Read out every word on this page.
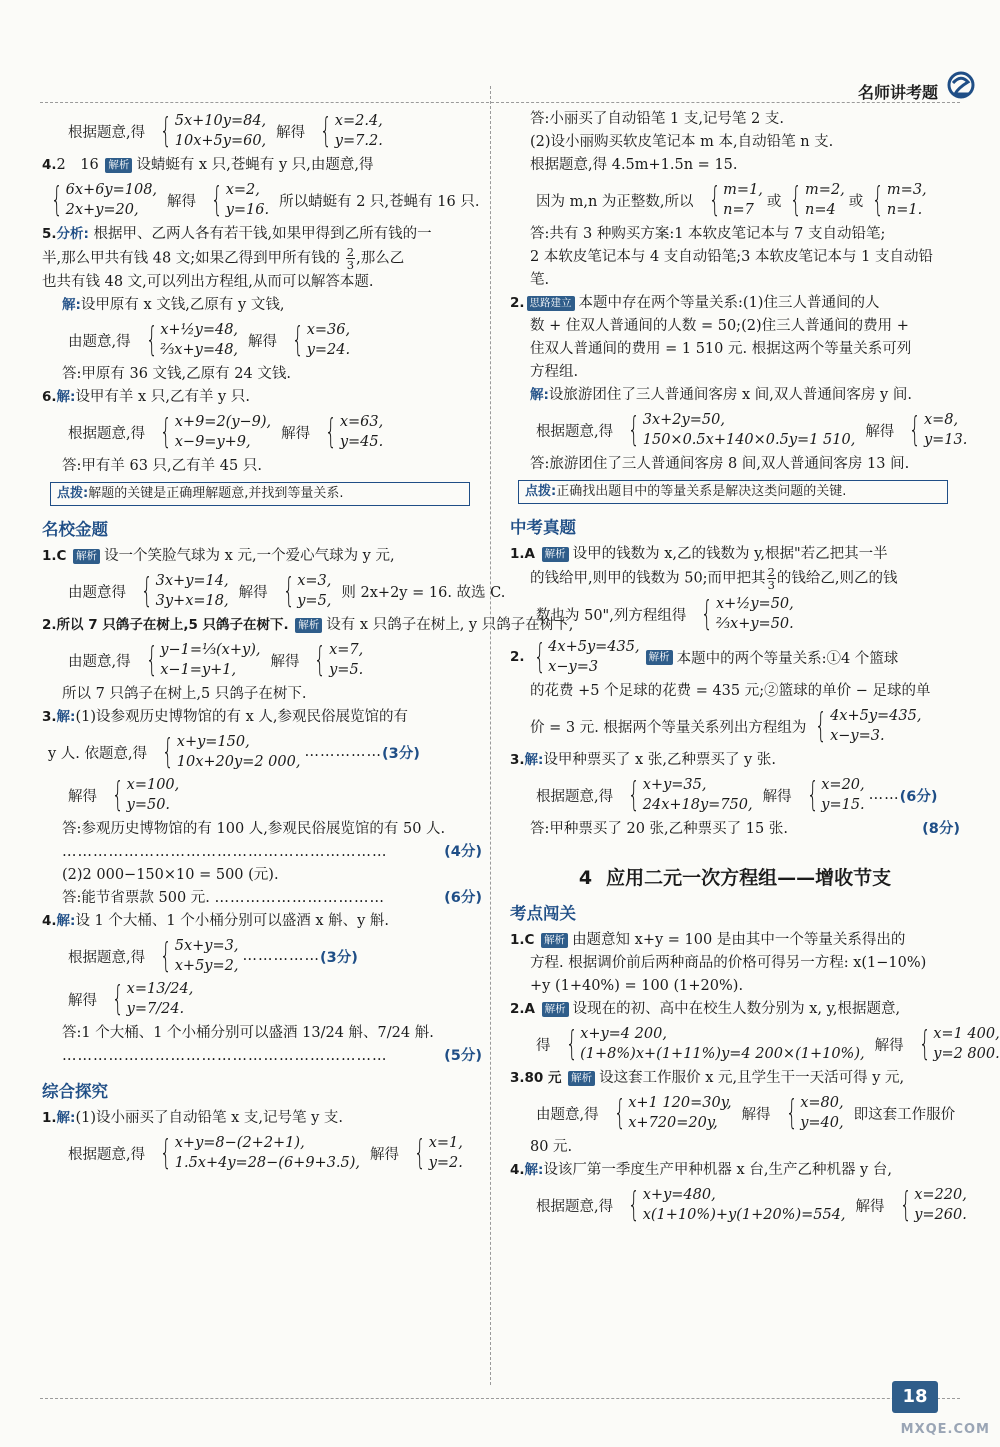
名师讲考题
根据题意,得 { 5x+10y=84,
10x+5y=60,
解得 { x=2.4,
y=7.2.

4.2　16 解析 设蜻蜓有 x 只,苍蝇有 y 只,由题意,得

{ 6x+6y=108,
2x+y=20,
解得 { x=2,
y=16.
所以蜻蜓有 2 只,苍蝇有 16 只.

5.分析: 根据甲、乙两人各有若干钱,如果甲得到乙所有钱的一

半,那么甲共有钱 48 文;如果乙得到甲所有钱的 $\frac{2}{3}$ ,那么乙

也共有钱 48 文,可以列出方程组,从而可以解答本题.

解:设甲原有 x 文钱,乙原有 y 文钱,

由题意,得 { x+½y=48,
⅔x+y=48,
解得 { x=36,
y=24.

答:甲原有 36 文钱,乙原有 24 文钱.

6.解:设甲有羊 x 只,乙有羊 y 只.

根据题意,得 { x+9=2(y−9),
x−9=y+9,
解得 { x=63,
y=45.

答:甲有羊 63 只,乙有羊 45 只.

点拨:解题的关键是正确理解题意,并找到等量关系.
名校金题

1.C 解析 设一个笑脸气球为 x 元,一个爱心气球为 y 元,

由题意得 { 3x+y=14,
3y+x=18,
解得 { x=3,
y=5,
则 2x+2y = 16. 故选 C.

2.所以 7 只鸽子在树上,5 只鸽子在树下. 解析 设有 x 只鸽子在树上, y 只鸽子在树下,

由题意,得 { y−1=⅓(x+y),
x−1=y+1,
解得 { x=7,
y=5.

所以 7 只鸽子在树上,5 只鸽子在树下.

3.解:(1)设参观历史博物馆的有 x 人,参观民俗展览馆的有

y 人. 依题意,得 { x+y=150,
10x+20y=2 000,
…………… (3分)
解得 { x=100,
y=50.

答:参观历史博物馆的有 100 人,参观民俗展览馆的有 50 人.

………………………………………………………	(4分)

(2)2 000−150×10 = 500 (元).

答:能节省票款 500 元. ……………………………	(6分)

4.解:设 1 个大桶、1 个小桶分别可以盛酒 x 斛、y 斛.

根据题意,得 { 5x+y=3,
x+5y=2,
…………… (3分)
解得 { x=13/24,
y=7/24.

答:1 个大桶、1 个小桶分别可以盛酒 13/24 斛、7/24 斛.

………………………………………………………	(5分)

综合探究

1.解:(1)设小丽买了自动铅笔 x 支,记号笔 y 支.

根据题意,得 { x+y=8−(2+2+1),
1.5x+4y=28−(6+9+3.5),
解得 { x=1,
y=2.

答:小丽买了自动铅笔 1 支,记号笔 2 支.

(2)设小丽购买软皮笔记本 m 本,自动铅笔 n 支.

根据题意,得 4.5m+1.5n = 15.

因为 m,n 为正整数,所以 { m=1,
n=7
或 { m=2,
n=4
或 { m=3,
n=1.

答:共有 3 种购买方案:1 本软皮笔记本与 7 支自动铅笔;

2 本软皮笔记本与 4 支自动铅笔;3 本软皮笔记本与 1 支自动铅

笔.

2. 思路建立 本题中存在两个等量关系:(1)住三人普通间的人

数 + 住双人普通间的人数 = 50;(2)住三人普通间的费用 +

住双人普通间的费用 = 1 510 元. 根据这两个等量关系可列

方程组.

解:设旅游团住了三人普通间客房 x 间,双人普通间客房 y 间.

根据题意,得 { 3x+2y=50,
150×0.5x+140×0.5y=1 510,
解得 { x=8,
y=13.

答:旅游团住了三人普通间客房 8 间,双人普通间客房 13 间.

点拨:正确找出题目中的等量关系是解决这类问题的关键.
中考真题

1.A 解析 设甲的钱数为 x,乙的钱数为 y,根据"若乙把其一半

的钱给甲,则甲的钱数为 50;而甲把其 $\frac{2}{3}$ 的钱给乙,则乙的钱

数也为 50",列方程组得 { x+½y=50,
⅔x+y=50.
2. { 4x+5y=435,
x−y=3
解析 本题中的两个等量关系:①4 个篮球

的花费 +5 个足球的花费 = 435 元;②篮球的单价 − 足球的单

价 = 3 元. 根据两个等量关系列出方程组为 { 4x+5y=435,
x−y=3.

3.解:设甲种票买了 x 张,乙种票买了 y 张.

根据题意,得 { x+y=35,
24x+18y=750,
解得 { x=20,
y=15.
…… (6分)

答:甲种票买了 20 张,乙种票买了 15 张.	(8分)

4 应用二元一次方程组——增收节支
考点闯关

1.C 解析 由题意知 x+y = 100 是由其中一个等量关系得出的

方程. 根据调价前后两种商品的价格可得另一方程: x(1−10%)

+y (1+40%) = 100 (1+20%).

2.A 解析 设现在的初、高中在校生人数分别为 x, y,根据题意,

得 { x+y=4 200,
(1+8%)x+(1+11%)y=4 200×(1+10%),
解得 { x=1 400,
y=2 800.

3.80 元 解析 设这套工作服价 x 元,且学生干一天活可得 y 元,

由题意,得 { x+1 120=30y,
x+720=20y,
解得 { x=80,
y=40,
即这套工作服价

80 元.

4.解:设该厂第一季度生产甲种机器 x 台,生产乙种机器 y 台,

根据题意,得 { x+y=480,
x(1+10%)+y(1+20%)=554,
解得 { x=220,
y=260.
18
MXQE.COM
